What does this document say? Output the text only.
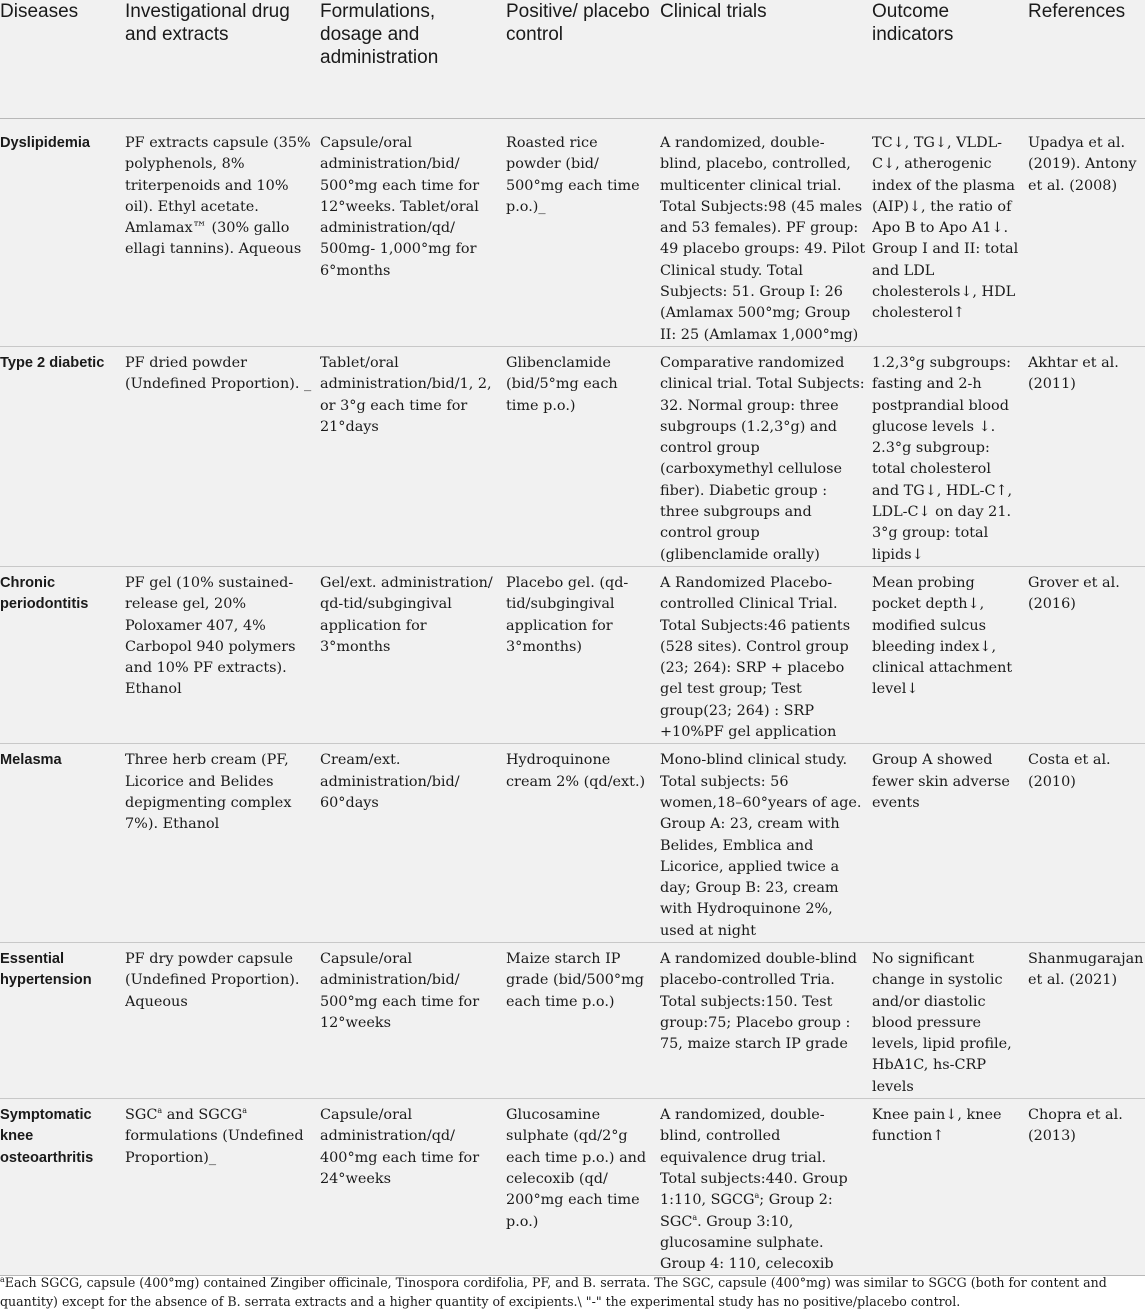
Diseases	Investigational drug and extracts	Formulations, dosage and administration	Positive/ placebo control	Clinical trials	Outcome indicators	References
Dyslipidemia	PF extracts capsule (35% polyphenols, 8% triterpenoids and 10% oil). Ethyl acetate. Amlamax™ (30% gallo ellagi tannins). Aqueous	Capsule/oral administration/bid/ 500°mg each time for 12°weeks. Tablet/oral administration/qd/ 500mg- 1,000°mg for 6°months	Roasted rice powder (bid/ 500°mg each time p.o.)_	A randomized, double-blind, placebo, controlled, multicenter clinical trial. Total Subjects:98 (45 males and 53 females). PF group: 49 placebo groups: 49. Pilot Clinical study. Total Subjects: 51. Group I: 26 (Amlamax 500°mg; Group II: 25 (Amlamax 1,000°mg)	TC↓, TG↓, VLDL-C↓, atherogenic index of the plasma (AIP)↓, the ratio of Apo B to Apo A1↓. Group I and II: total and LDL cholesterols↓, HDL cholesterol↑	Upadya et al. (2019). Antony et al. (2008)
Type 2 diabetic	PF dried powder (Undefined Proportion). _	Tablet/oral administration/bid/1, 2, or 3°g each time for 21°days	Glibenclamide (bid/5°mg each time p.o.)	Comparative randomized clinical trial. Total Subjects: 32. Normal group: three subgroups (1.2,3°g) and control group (carboxymethyl cellulose fiber). Diabetic group : three subgroups and control group (glibenclamide orally)	1.2,3°g subgroups: fasting and 2-h postprandial blood glucose levels ↓. 2.3°g subgroup: total cholesterol and TG↓, HDL-C↑, LDL-C↓ on day 21. 3°g group: total lipids↓	Akhtar et al. (2011)
Chronic periodontitis	PF gel (10% sustained-release gel, 20% Poloxamer 407, 4% Carbopol 940 polymers and 10% PF extracts). Ethanol	Gel/ext. administration/ qd-tid/subgingival application for 3°months	Placebo gel. (qd-tid/subgingival application for 3°months)	A Randomized Placebo-controlled Clinical Trial. Total Subjects:46 patients (528 sites). Control group (23; 264): SRP + placebo gel test group; Test group(23; 264) : SRP +10%PF gel application	Mean probing pocket depth↓, modified sulcus bleeding index↓, clinical attachment level↓	Grover et al. (2016)
Melasma	Three herb cream (PF, Licorice and Belides depigmenting complex 7%). Ethanol	Cream/ext. administration/bid/ 60°days	Hydroquinone cream 2% (qd/ext.)	Mono-blind clinical study. Total subjects: 56 women,18–60°years of age. Group A: 23, cream with Belides, Emblica and Licorice, applied twice a day; Group B: 23, cream with Hydroquinone 2%, used at night	Group A showed fewer skin adverse events	Costa et al. (2010)
Essential hypertension	PF dry powder capsule (Undefined Proportion). Aqueous	Capsule/oral administration/bid/ 500°mg each time for 12°weeks	Maize starch IP grade (bid/500°mg each time p.o.)	A randomized double-blind placebo-controlled Tria. Total subjects:150. Test group:75; Placebo group : 75, maize starch IP grade	No significant change in systolic and/or diastolic blood pressure levels, lipid profile, HbA1C, hs-CRP levels	Shanmugarajan et al. (2021)
Symptomatic knee osteoarthritis	SGC$^a$ and SGCG$^a$ formulations (Undefined Proportion)_	Capsule/oral administration/qd/ 400°mg each time for 24°weeks	Glucosamine sulphate (qd/2°g each time p.o.) and celecoxib (qd/ 200°mg each time p.o.)	A randomized, double-blind, controlled equivalence drug trial. Total subjects:440. Group 1:110, SGCG$^a$; Group 2: SGC$^a$. Group 3:10, glucosamine sulphate. Group 4: 110, celecoxib	Knee pain↓, knee function↑	Chopra et al. (2013)
$^a$Each SGCG, capsule (400°mg) contained Zingiber officinale, Tinospora cordifolia, PF, and B. serrata. The SGC, capsule (400°mg) was similar to SGCG (both for content and quantity) except for the absence of B. serrata extracts and a higher quantity of excipients.\ "-" the experimental study has no positive/placebo control.
